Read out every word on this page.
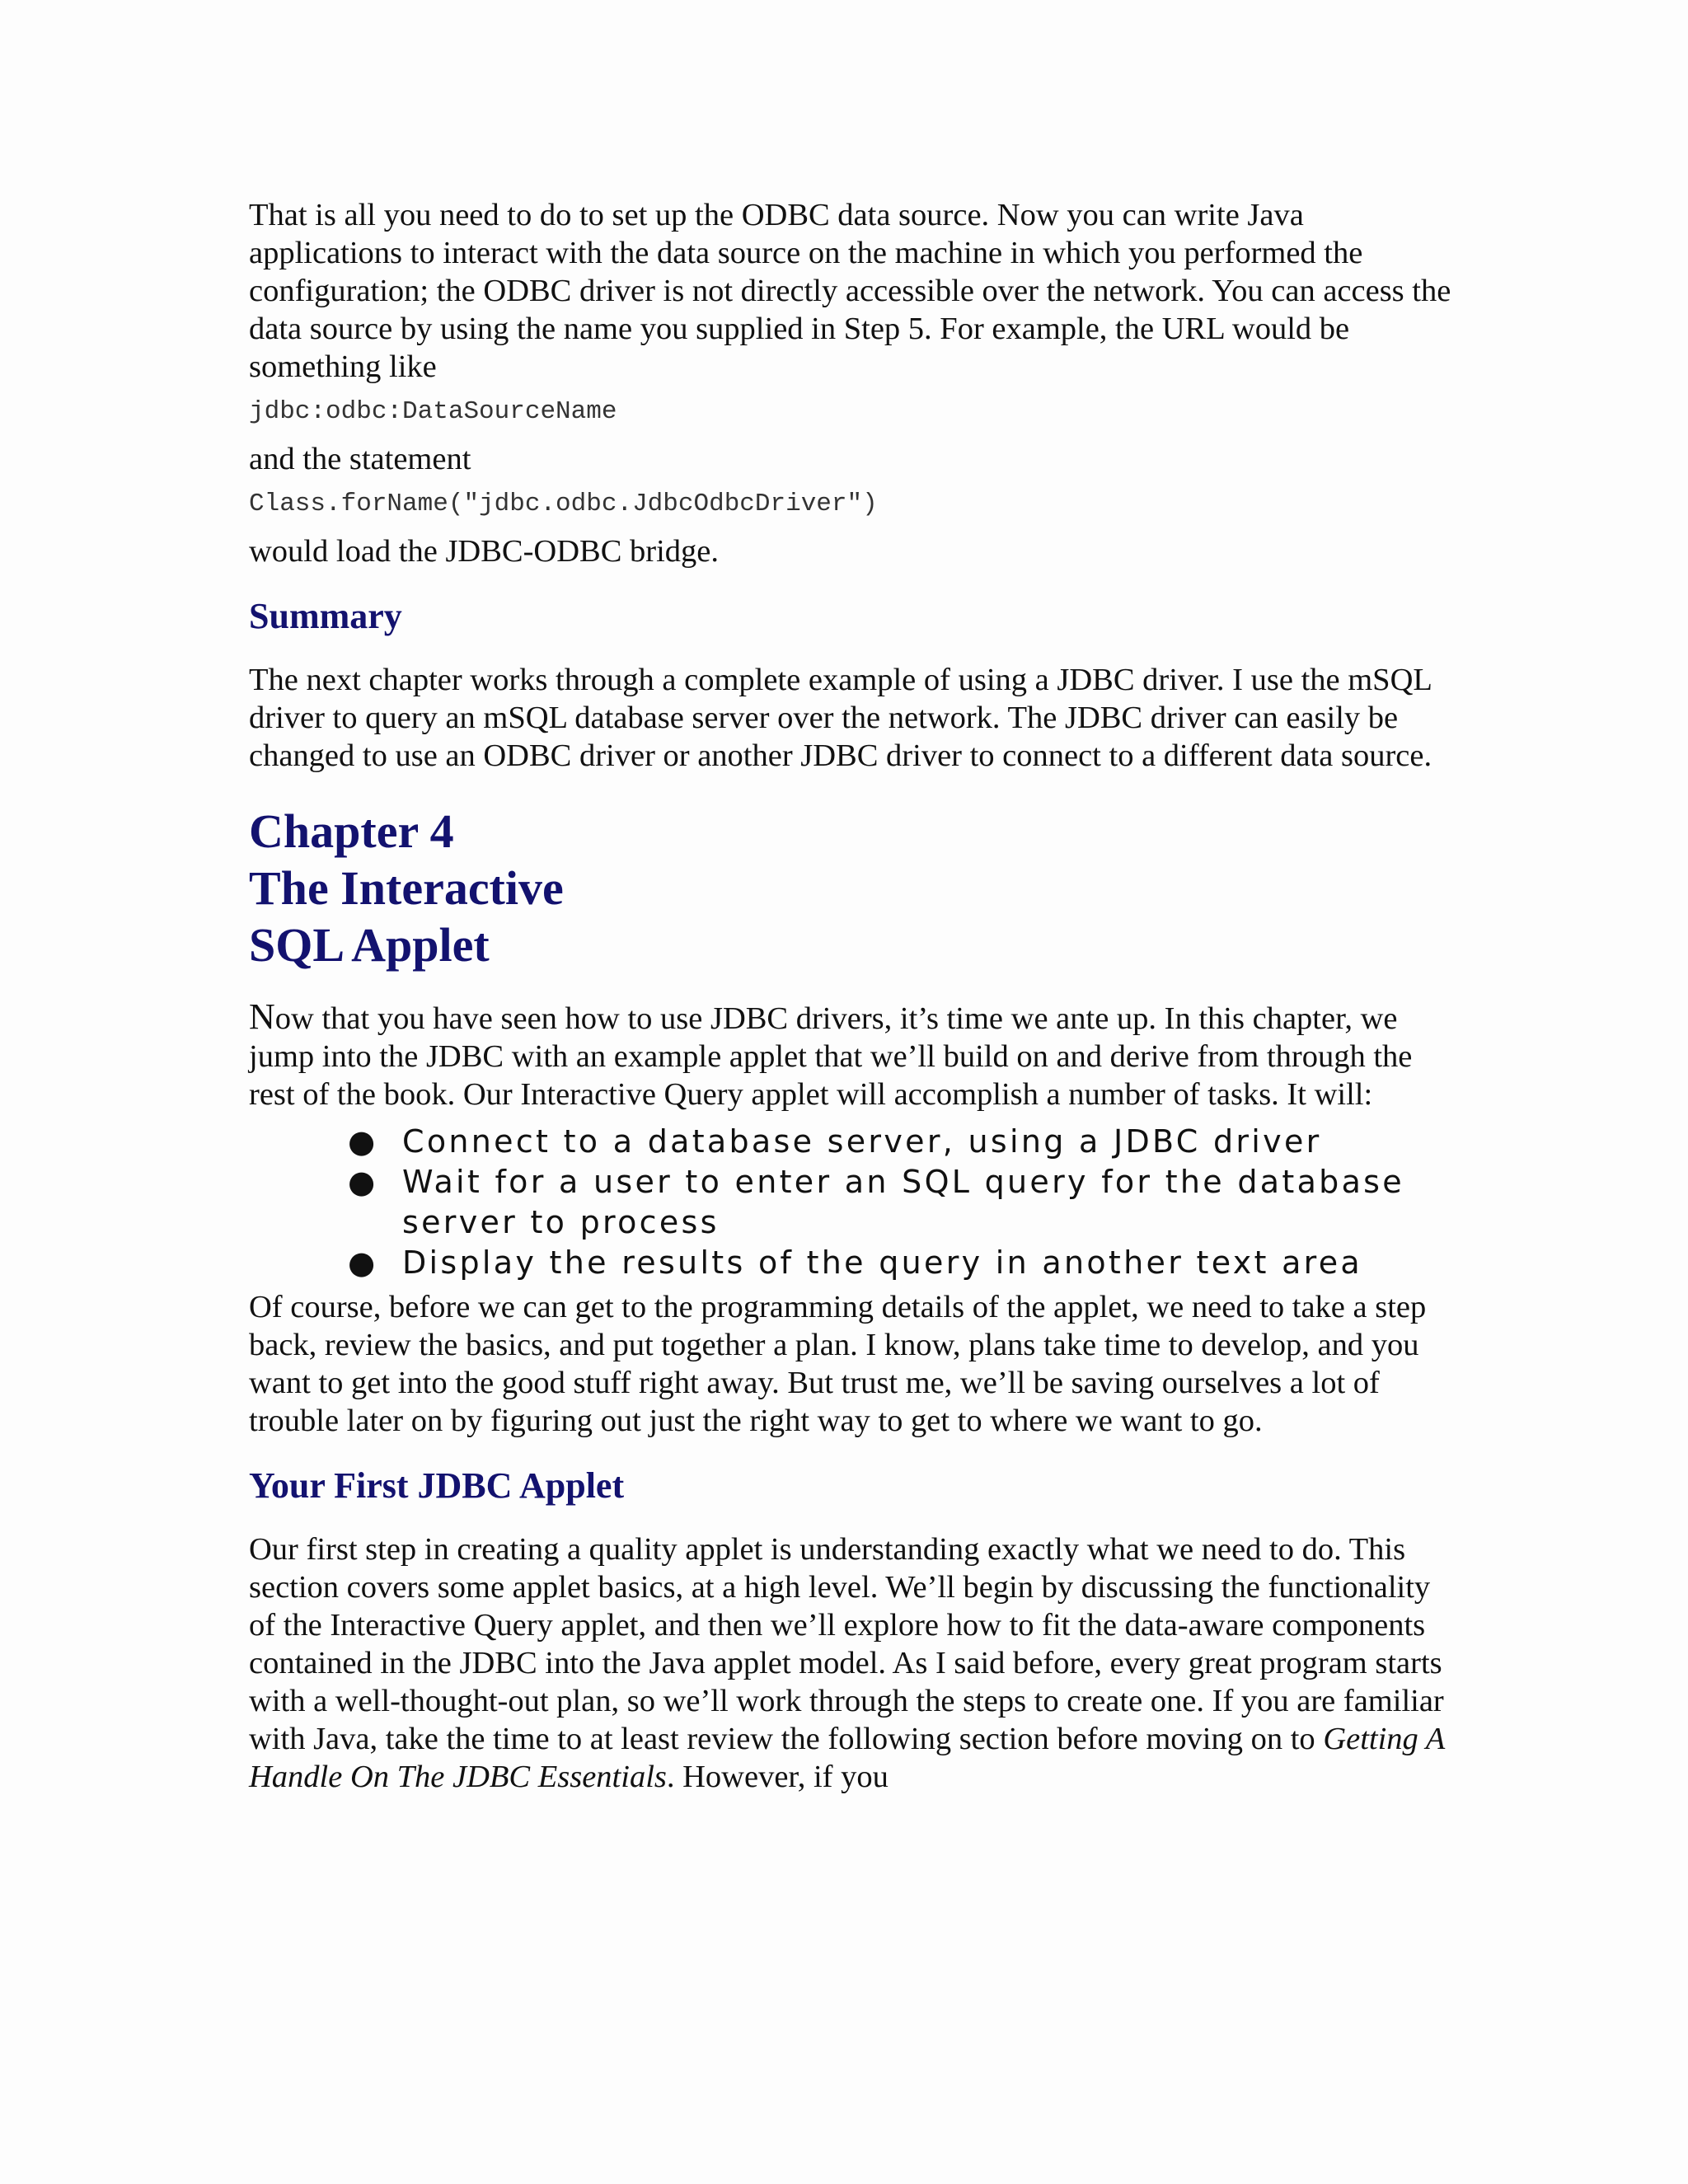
That is all you need to do to set up the ODBC data source. Now you can write Java applications to interact with the data source on the machine in which you performed the configuration; the ODBC driver is not directly accessible over the network. You can access the data source by using the name you supplied in Step 5. For example, the URL would be something like

jdbc:odbc:DataSourceName

and the statement

Class.forName("jdbc.odbc.JdbcOdbcDriver")

would load the JDBC-ODBC bridge.

Summary

The next chapter works through a complete example of using a JDBC driver. I use the mSQL driver to query an mSQL database server over the network. The JDBC driver can easily be changed to use an ODBC driver or another JDBC driver to connect to a different data source.

Chapter 4
The Interactive
SQL Applet

Now that you have seen how to use JDBC drivers, it’s time we ante up. In this chapter, we jump into the JDBC with an example applet that we’ll build on and derive from through the rest of the book. Our Interactive Query applet will accomplish a number of tasks. It will:

● Connect to a database server, using a JDBC driver
● Wait for a user to enter an SQL query for the database server to process
● Display the results of the query in another text area

Of course, before we can get to the programming details of the applet, we need to take a step back, review the basics, and put together a plan. I know, plans take time to develop, and you want to get into the good stuff right away. But trust me, we’ll be saving ourselves a lot of trouble later on by figuring out just the right way to get to where we want to go.

Your First JDBC Applet

Our first step in creating a quality applet is understanding exactly what we need to do. This section covers some applet basics, at a high level. We’ll begin by discussing the functionality of the Interactive Query applet, and then we’ll explore how to fit the data-aware components contained in the JDBC into the Java applet model. As I said before, every great program starts with a well-thought-out plan, so we’ll work through the steps to create one. If you are familiar with Java, take the time to at least review the following section before moving on to Getting A Handle On The JDBC Essentials. However, if you
